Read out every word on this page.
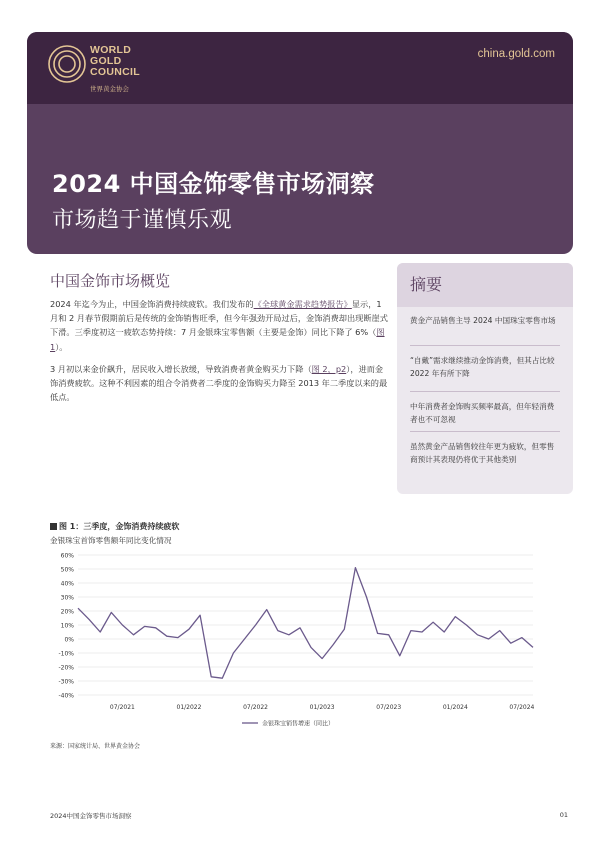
WORLD
GOLD
COUNCIL
世界黄金协会
china.gold.com
2024 中国金饰零售市场洞察
市场趋于谨慎乐观
中国金饰市场概览
2024 年迄今为止，中国金饰消费持续疲软。我们发布的《全球黄金需求趋势报告》显示，1 月和 2 月春节假期前后是传统的金饰销售旺季，但今年强劲开局过后，金饰消费却出现断崖式下滑。三季度初这一疲软态势持续：7 月金银珠宝零售额（主要是金饰）同比下降了 6%（图 1）。
3 月初以来金价飙升，居民收入增长放缓，导致消费者黄金购买力下降（图 2，p2），进而金饰消费疲软。这种不利因素的组合令消费者二季度的金饰购买力降至 2013 年二季度以来的最低点。
摘要
黄金产品销售主导 2024 中国珠宝零售市场
“自戴”需求继续推动金饰消费，但其占比较 2022 年有所下降
中年消费者金饰购买频率最高，但年轻消费者也不可忽视
虽然黄金产品销售较往年更为疲软，但零售商预计其表现仍将优于其他类别
图 1：三季度，金饰消费持续疲软
金银珠宝首饰零售额年同比变化情况
60%
50%
40%
30%
20%
10%
0%
-10%
-20%
-30%
-40%
07/2021	01/2022	07/2022	01/2023	07/2023	01/2024	07/2024
金银珠宝销售增速（同比）
来源：国家统计局、世界黄金协会
2024中国金饰零售市场洞察	01
